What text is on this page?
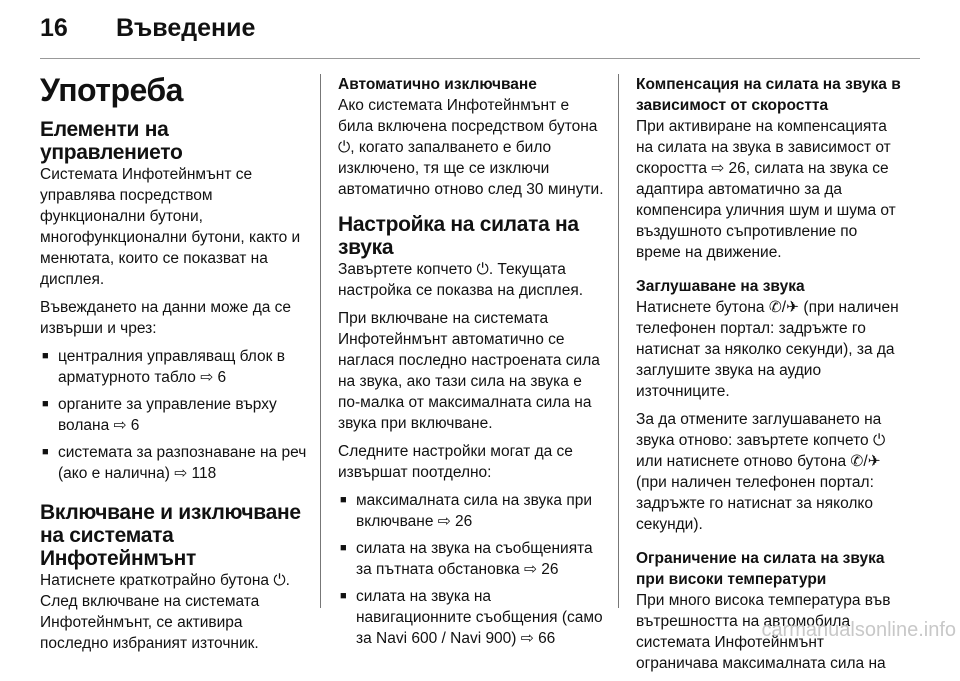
16 Въведение
Употреба
Елементи на управлението

Системата Инфотейнмънт се управлява посредством функционални бутони, многофункционални бутони, както и менютата, които се показват на дисплея.

Въвеждането на данни може да се извърши и чрез:

■ централния управляващ блок в арматурното табло ⇨ 6
■ органите за управление върху волана ⇨ 6
■ системата за разпознаване на реч (ако е налична) ⇨ 118
Включване и изключване на системата Инфотейнмънт

Натиснете краткотрайно бутона ⏻. След включване на системата Инфотейнмънт, се активира последно избраният източник.

Автоматично изключване

Ако системата Инфотейнмънт е била включена посредством бутона ⏻, когато запалването е било изключено, тя ще се изключи автоматично отново след 30 минути.

Настройка на силата на звука

Завъртете копчето ⏻. Текущата настройка се показва на дисплея.

При включване на системата Инфотейнмънт автоматично се наглася последно настроената сила на звука, ако тази сила на звука е по-малка от максималната сила на звука при включване.

Следните настройки могат да се извършат поотделно:

■ максималната сила на звука при включване ⇨ 26
■ силата на звука на съобщенията за пътната обстановка ⇨ 26
■ силата на звука на навигационните съобщения (само за Navi 600 / Navi 900) ⇨ 66
Компенсация на силата на звука в зависимост от скоростта

При активиране на компенсацията на силата на звука в зависимост от скоростта ⇨ 26, силата на звука се адаптира автоматично за да компенсира уличния шум и шума от въздушното съпротивление по време на движение.

Заглушаване на звука

Натиснете бутона ✆/✈ (при наличен телефонен портал: задръжте го натиснат за няколко секунди), за да заглушите звука на аудио източниците.

За да отмените заглушаването на звука отново: завъртете копчето ⏻ или натиснете отново бутона ✆/✈ (при наличен телефонен портал: задръжте го натиснат за няколко секунди).

Ограничение на силата на звука при високи температури

При много висока температура във вътрешността на автомобила системата Инфотейнмънт ограничава максималната сила на

carmanualsonline.info
